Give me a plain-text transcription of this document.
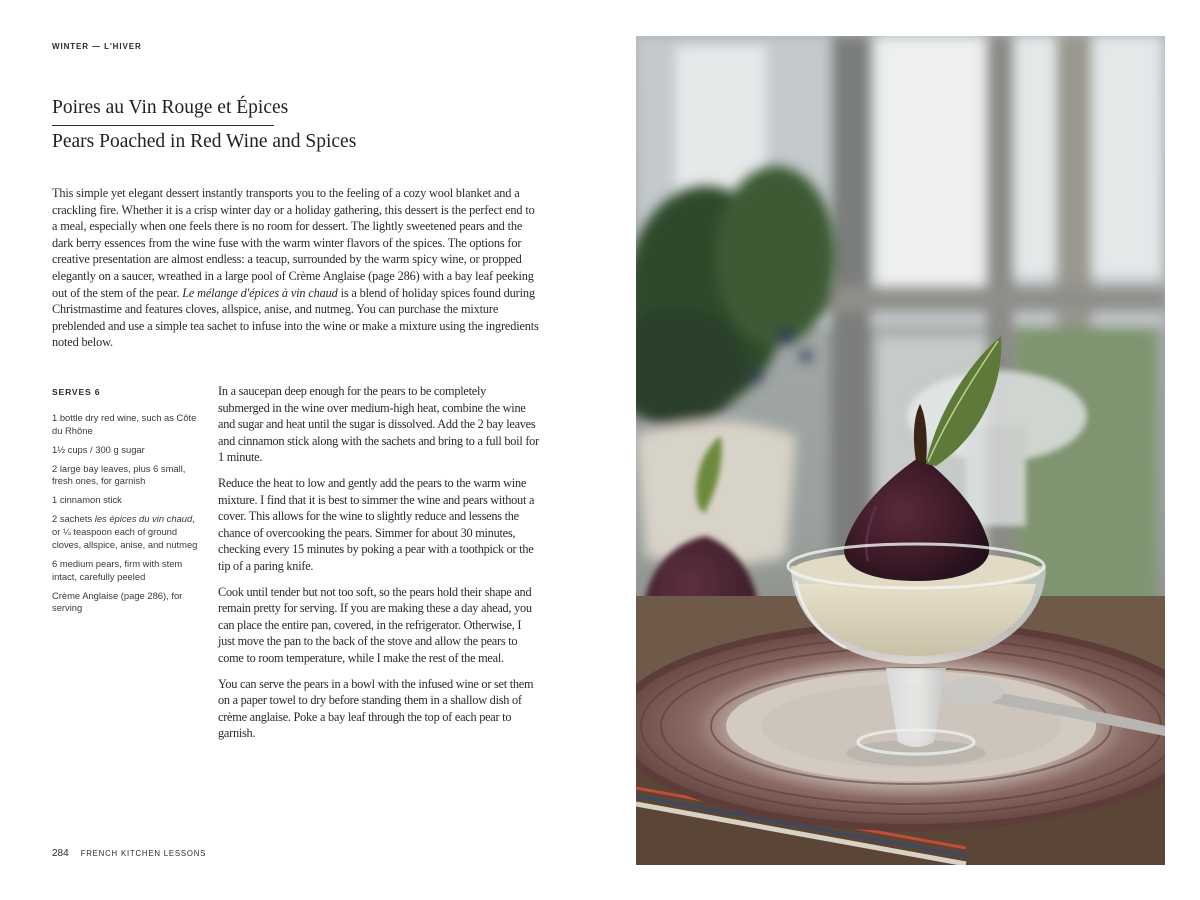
WINTER — L'HIVER
Poires au Vin Rouge et Épices
Pears Poached in Red Wine and Spices

This simple yet elegant dessert instantly transports you to the feeling of a cozy wool blanket and a crackling fire. Whether it is a crisp winter day or a holiday gathering, this dessert is the perfect end to a meal, especially when one feels there is no room for dessert. The lightly sweetened pears and the dark berry essences from the wine fuse with the warm winter flavors of the spices. The options for creative presentation are almost endless: a teacup, surrounded by the warm spicy wine, or propped elegantly on a saucer, wreathed in a large pool of Crème Anglaise (page 286) with a bay leaf peeking out of the stem of the pear. Le mélange d'épices à vin chaud is a blend of holiday spices found during Christmastime and features cloves, allspice, anise, and nutmeg. You can purchase the mixture preblended and use a simple tea sachet to infuse into the wine or make a mixture using the ingredients noted below.

SERVES 6
1 bottle dry red wine, such as Côte du Rhône
1½ cups / 300 g sugar
2 large bay leaves, plus 6 small, fresh ones, for garnish
1 cinnamon stick
2 sachets les épices du vin chaud, or ¼ teaspoon each of ground cloves, allspice, anise, and nutmeg
6 medium pears, firm with stem intact, carefully peeled
Crème Anglaise (page 286), for serving

In a saucepan deep enough for the pears to be completely submerged in the wine over medium-high heat, combine the wine and sugar and heat until the sugar is dissolved. Add the 2 bay leaves and cinnamon stick along with the sachets and bring to a full boil for 1 minute.

Reduce the heat to low and gently add the pears to the warm wine mixture. I find that it is best to simmer the wine and pears without a cover. This allows for the wine to slightly reduce and lessens the chance of overcooking the pears. Simmer for about 30 minutes, checking every 15 minutes by poking a pear with a toothpick or the tip of a paring knife.

Cook until tender but not too soft, so the pears hold their shape and remain pretty for serving. If you are making these a day ahead, you can place the entire pan, covered, in the refrigerator. Otherwise, I just move the pan to the back of the stove and allow the pears to come to room temperature, while I make the rest of the meal.

You can serve the pears in a bowl with the infused wine or set them on a paper towel to dry before standing them in a shallow dish of crème anglaise. Poke a bay leaf through the top of each pear to garnish.

284 FRENCH KITCHEN LESSONS
